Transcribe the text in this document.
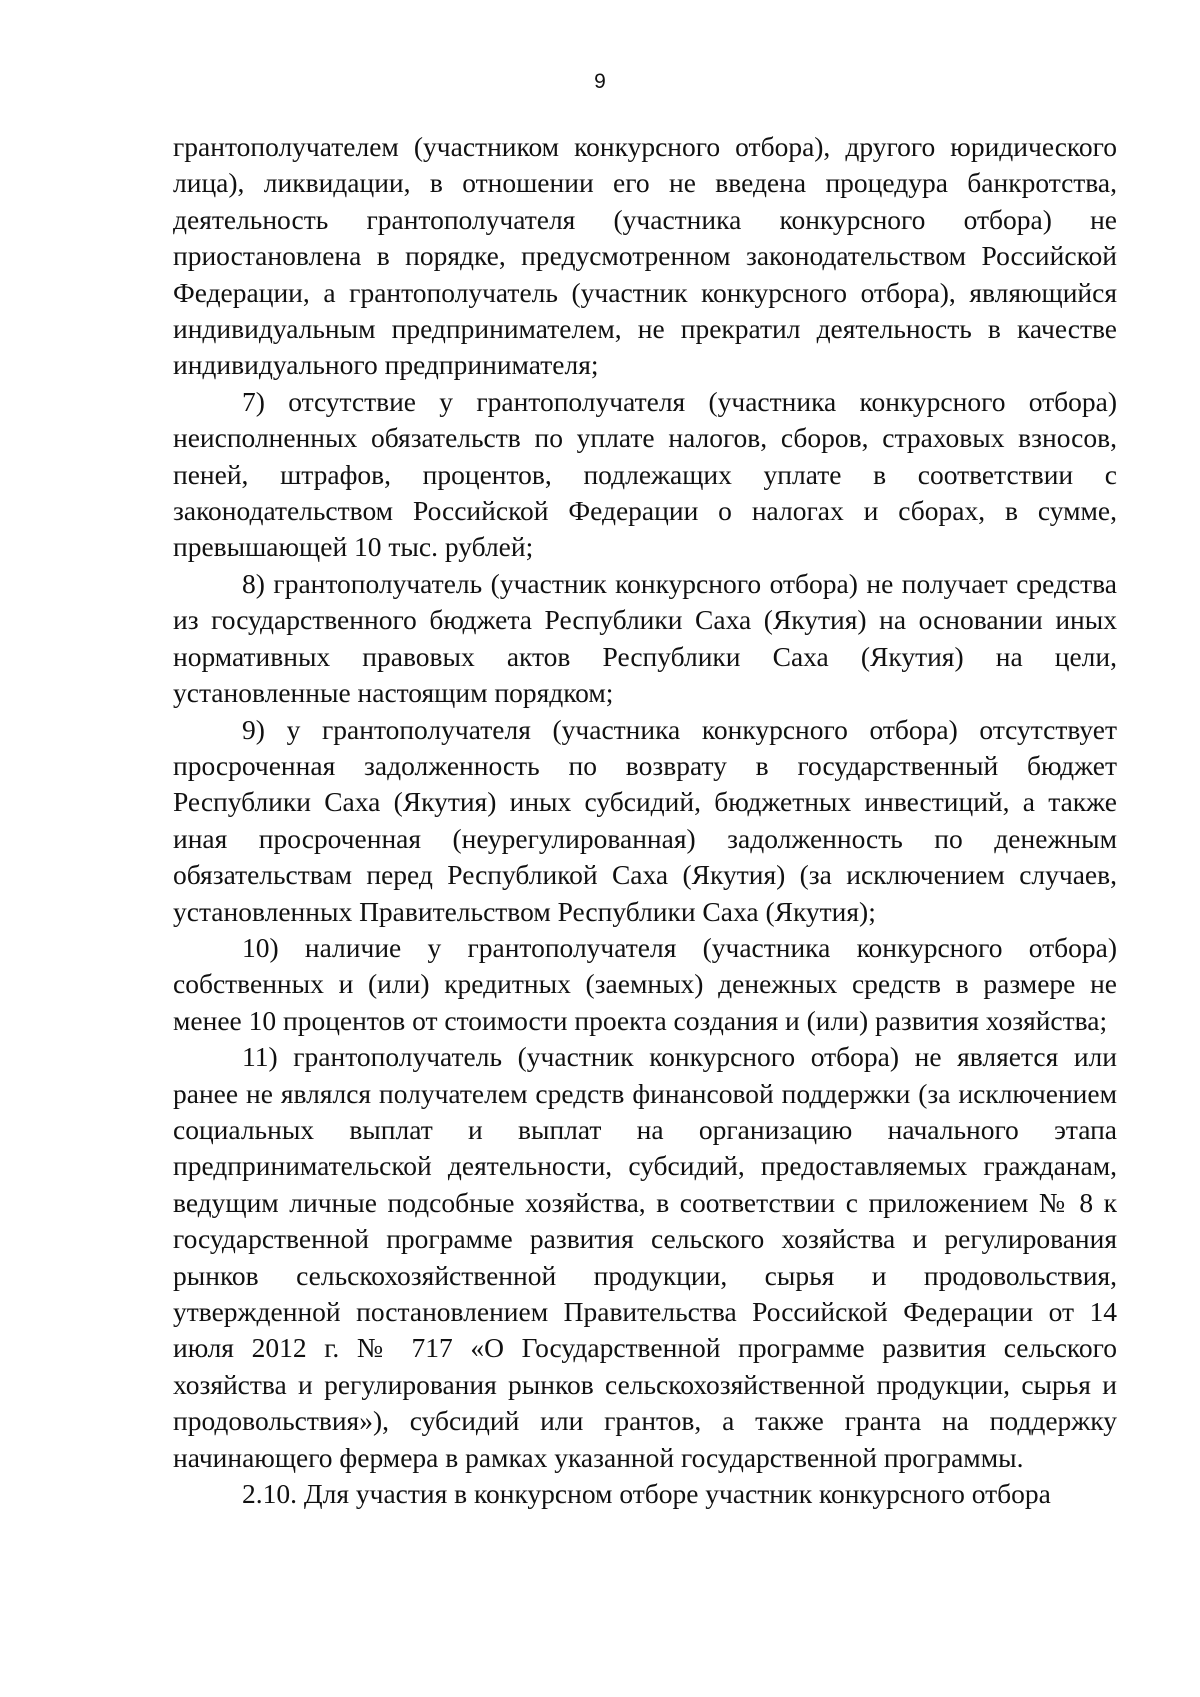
9

грантополучателем (участником конкурсного отбора), другого юридического лица), ликвидации, в отношении его не введена процедура банкротства, деятельность грантополучателя (участника конкурсного отбора) не приостановлена в порядке, предусмотренном законодательством Российской Федерации, а грантополучатель (участник конкурсного отбора), являющийся индивидуальным предпринимателем, не прекратил деятельность в качестве индивидуального предпринимателя;

7) отсутствие у грантополучателя (участника конкурсного отбора) неисполненных обязательств по уплате налогов, сборов, страховых взносов, пеней, штрафов, процентов, подлежащих уплате в соответствии с законодательством Российской Федерации о налогах и сборах, в сумме, превышающей 10 тыс. рублей;

8) грантополучатель (участник конкурсного отбора) не получает средства из государственного бюджета Республики Саха (Якутия) на основании иных нормативных правовых актов Республики Саха (Якутия) на цели, установленные настоящим порядком;

9) у грантополучателя (участника конкурсного отбора) отсутствует просроченная задолженность по возврату в государственный бюджет Республики Саха (Якутия) иных субсидий, бюджетных инвестиций, а также иная просроченная (неурегулированная) задолженность по денежным обязательствам перед Республикой Саха (Якутия) (за исключением случаев, установленных Правительством Республики Саха (Якутия);

10) наличие у грантополучателя (участника конкурсного отбора) собственных и (или) кредитных (заемных) денежных средств в размере не менее 10 процентов от стоимости проекта создания и (или) развития хозяйства;

11) грантополучатель (участник конкурсного отбора) не является или ранее не являлся получателем средств финансовой поддержки (за исключением социальных выплат и выплат на организацию начального этапа предпринимательской деятельности, субсидий, предоставляемых гражданам, ведущим личные подсобные хозяйства, в соответствии с приложением № 8 к государственной программе развития сельского хозяйства и регулирования рынков сельскохозяйственной продукции, сырья и продовольствия, утвержденной постановлением Правительства Российской Федерации от 14 июля 2012 г. № 717 «О Государственной программе развития сельского хозяйства и регулирования рынков сельскохозяйственной продукции, сырья и продовольствия»), субсидий или грантов, а также гранта на поддержку начинающего фермера в рамках указанной государственной программы.

2.10. Для участия в конкурсном отборе участник конкурсного отбора
